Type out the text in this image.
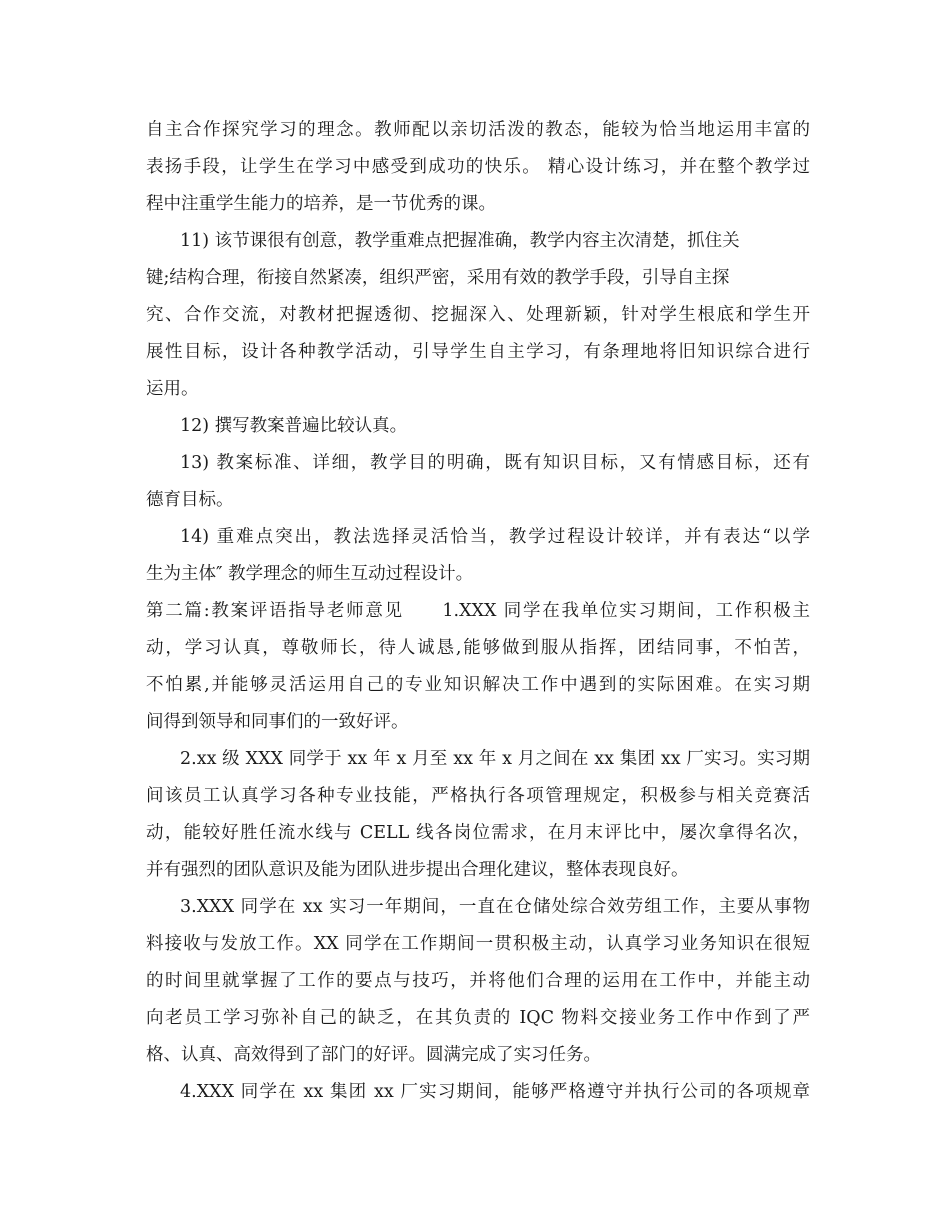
自主合作探究学习的理念。教师配以亲切活泼的教态，能较为恰当地运用丰富的
表扬手段，让学生在学习中感受到成功的快乐。 精心设计练习，并在整个教学过
程中注重学生能力的培养，是一节优秀的课。
11) 该节课很有创意，教学重难点把握准确，教学内容主次清楚，抓住关
键;结构合理，衔接自然紧凑，组织严密，采用有效的教学手段，引导自主探
究、合作交流，对教材把握透彻、挖掘深入、处理新颖，针对学生根底和学生开
展性目标，设计各种教学活动，引导学生自主学习，有条理地将旧知识综合进行
运用。
12) 撰写教案普遍比较认真。
13) 教案标准、详细，教学目的明确，既有知识目标，又有情感目标，还有
德育目标。
14) 重难点突出，教法选择灵活恰当，教学过程设计较详，并有表达“以学
生为主体″ 教学理念的师生互动过程设计。
第二篇:教案评语指导老师意见　　1.XXX 同学在我单位实习期间，工作积极主
动，学习认真，尊敬师长，待人诚恳,能够做到服从指挥，团结同事，不怕苦，
不怕累,并能够灵活运用自己的专业知识解决工作中遇到的实际困难。在实习期
间得到领导和同事们的一致好评。
2.xx 级 XXX 同学于 xx 年 x 月至 xx 年 x 月之间在 xx 集团 xx 厂实习。实习期
间该员工认真学习各种专业技能，严格执行各项管理规定，积极参与相关竞赛活
动，能较好胜任流水线与 CELL 线各岗位需求，在月末评比中，屡次拿得名次，
并有强烈的团队意识及能为团队进步提出合理化建议，整体表现良好。
3.XXX 同学在 xx 实习一年期间，一直在仓储处综合效劳组工作，主要从事物
料接收与发放工作。XX 同学在工作期间一贯积极主动，认真学习业务知识在很短
的时间里就掌握了工作的要点与技巧，并将他们合理的运用在工作中，并能主动
向老员工学习弥补自己的缺乏，在其负责的 IQC 物料交接业务工作中作到了严
格、认真、高效得到了部门的好评。圆满完成了实习任务。
4.XXX 同学在 xx 集团 xx 厂实习期间，能够严格遵守并执行公司的各项规章
